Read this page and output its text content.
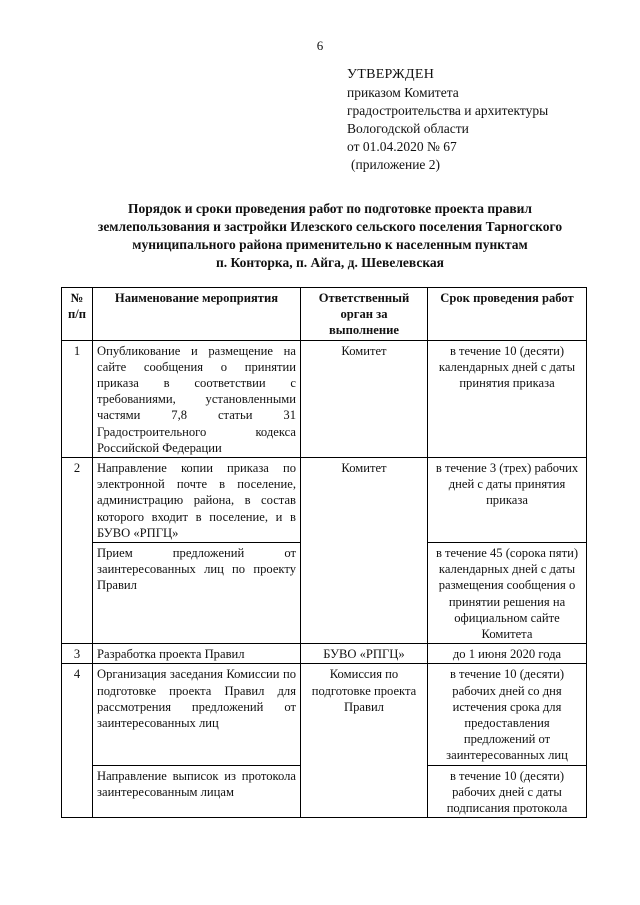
6
УТВЕРЖДЕН
приказом Комитета
градостроительства и архитектуры
Вологодской области
от 01.04.2020 № 67
(приложение 2)
Порядок и сроки проведения работ по подготовке проекта правил
землепользования и застройки Илезского сельского поселения Тарногского
муниципального района применительно к населенным пунктам
п. Конторка, п. Айга, д. Шевелевская
№ п/п	Наименование мероприятия	Ответственный орган за выполнение	Срок проведения работ
1	Опубликование и размещение на сайте сообщения о принятии приказа в соответствии с требованиями, установленными частями 7,8 статьи 31 Градостроительного кодекса Российской Федерации	Комитет	в течение 10 (десяти) календарных дней с даты принятия приказа
2	Направление копии приказа по электронной почте в поселение, администрацию района, в состав которого входит в поселение, и в БУВО «РПГЦ»	Комитет	в течение 3 (трех) рабочих дней с даты принятия приказа
	Прием предложений от заинтересованных лиц по проекту Правил		в течение 45 (сорока пяти) календарных дней с даты размещения сообщения о принятии решения на официальном сайте Комитета
3	Разработка проекта Правил	БУВО «РПГЦ»	до 1 июня 2020 года
4	Организация заседания Комиссии по подготовке проекта Правил для рассмотрения предложений от заинтересованных лиц	Комиссия по подготовке проекта Правил	в течение 10 (десяти) рабочих дней со дня истечения срока для предоставления предложений от заинтересованных лиц
	Направление выписок из протокола заинтересованным лицам		в течение 10 (десяти) рабочих дней с даты подписания протокола
